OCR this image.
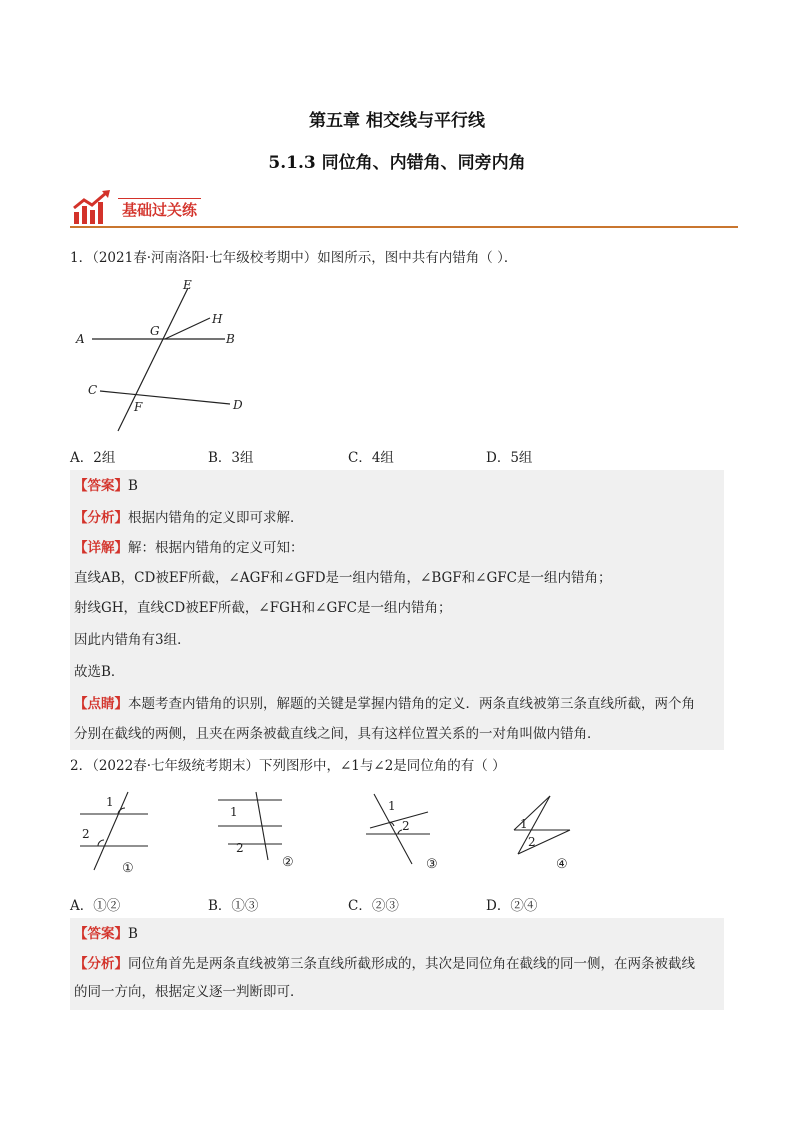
第五章 相交线与平行线
5.1.3 同位角、内错角、同旁内角
基础过关练
1．（2021春·河南洛阳·七年级校考期中）如图所示，图中共有内错角（ ）．
E
H
A
G
B
C
F	D
A．2组	B．3组	C．4组	D．5组
【答案】B
【分析】根据内错角的定义即可求解．
【详解】解：根据内错角的定义可知：
直线AB，CD被EF所截，∠AGF和∠GFD是一组内错角，∠BGF和∠GFC是一组内错角；
射线GH，直线CD被EF所截，∠FGH和∠GFC是一组内错角；
因此内错角有3组．
故选B．
【点睛】本题考查内错角的识别，解题的关键是掌握内错角的定义．两条直线被第三条直线所截，两个角
分别在截线的两侧，且夹在两条被截直线之间，具有这样位置关系的一对角叫做内错角．
2．（2022春·七年级统考期末）下列图形中，∠1与∠2是同位角的有（ ）
1
2
1
2
1
2	1
2
①	②	③	④
A．①②	B．①③	C．②③	D．②④
【答案】B
【分析】同位角首先是两条直线被第三条直线所截形成的，其次是同位角在截线的同一侧，在两条被截线
的同一方向，根据定义逐一判断即可．
